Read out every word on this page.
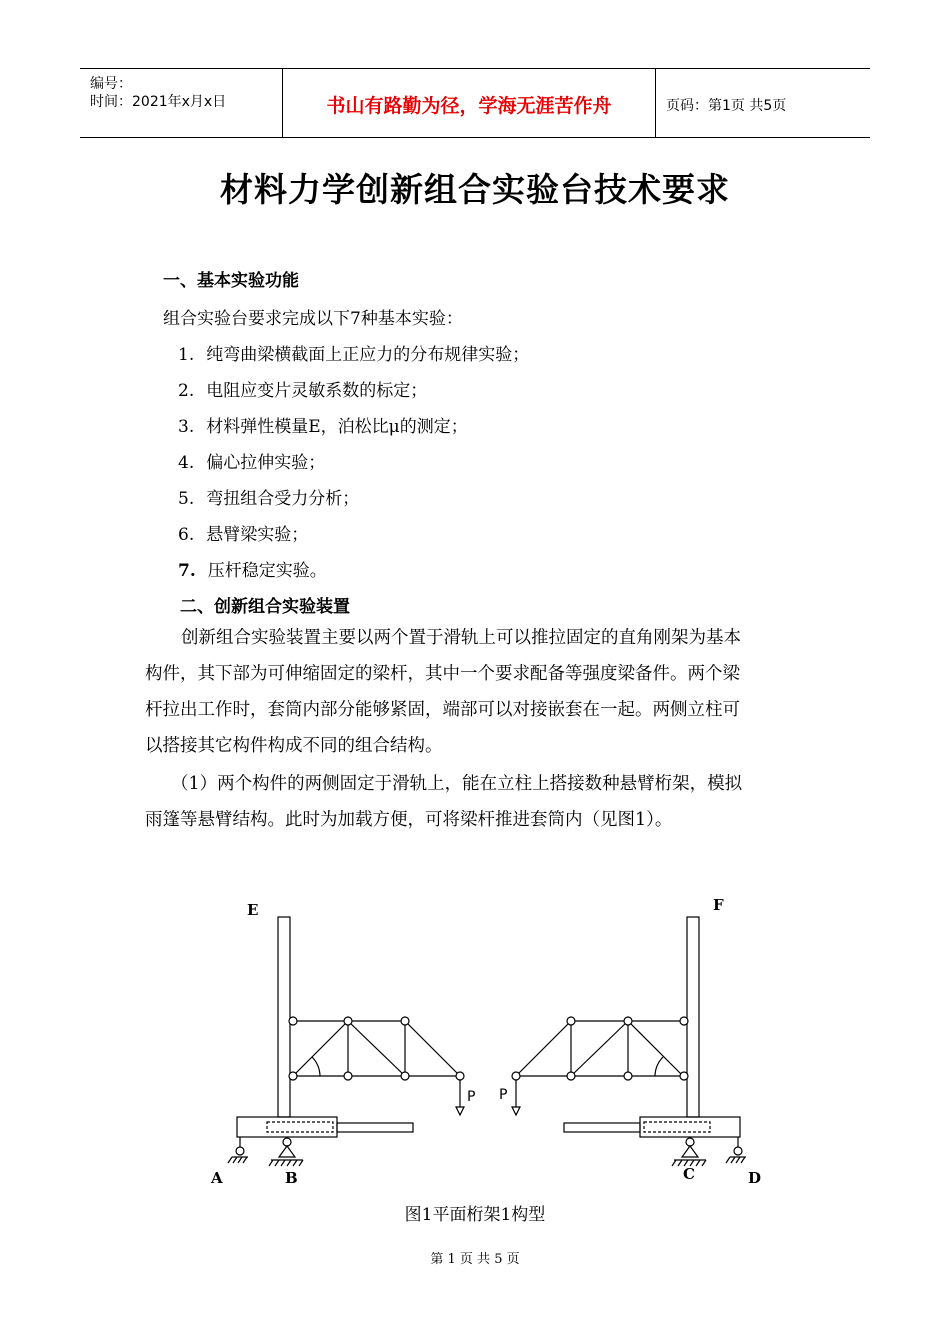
编号：
时间：2021年x月x日	书山有路勤为径，学海无涯苦作舟	页码：第1页 共5页
材料力学创新组合实验台技术要求
一、基本实验功能
组合实验台要求完成以下7种基本实验：
1. 纯弯曲梁横截面上正应力的分布规律实验；
2. 电阻应变片灵敏系数的标定；
3. 材料弹性模量E，泊松比μ的测定；
4. 偏心拉伸实验；
5. 弯扭组合受力分析；
6. 悬臂梁实验；
7. 压杆稳定实验。
二、创新组合实验装置
创新组合实验装置主要以两个置于滑轨上可以推拉固定的直角刚架为基本
构件，其下部为可伸缩固定的梁杆，其中一个要求配备等强度梁备件。两个梁
杆拉出工作时，套筒内部分能够紧固，端部可以对接嵌套在一起。两侧立柱可
以搭接其它构件构成不同的组合结构。
（1）两个构件的两侧固定于滑轨上，能在立柱上搭接数种悬臂桁架，模拟
雨篷等悬臂结构。此时为加载方便，可将梁杆推进套筒内（见图1）。
E	F
A	B	C	D
P P
图1平面桁架1构型
第 1 页 共 5 页
